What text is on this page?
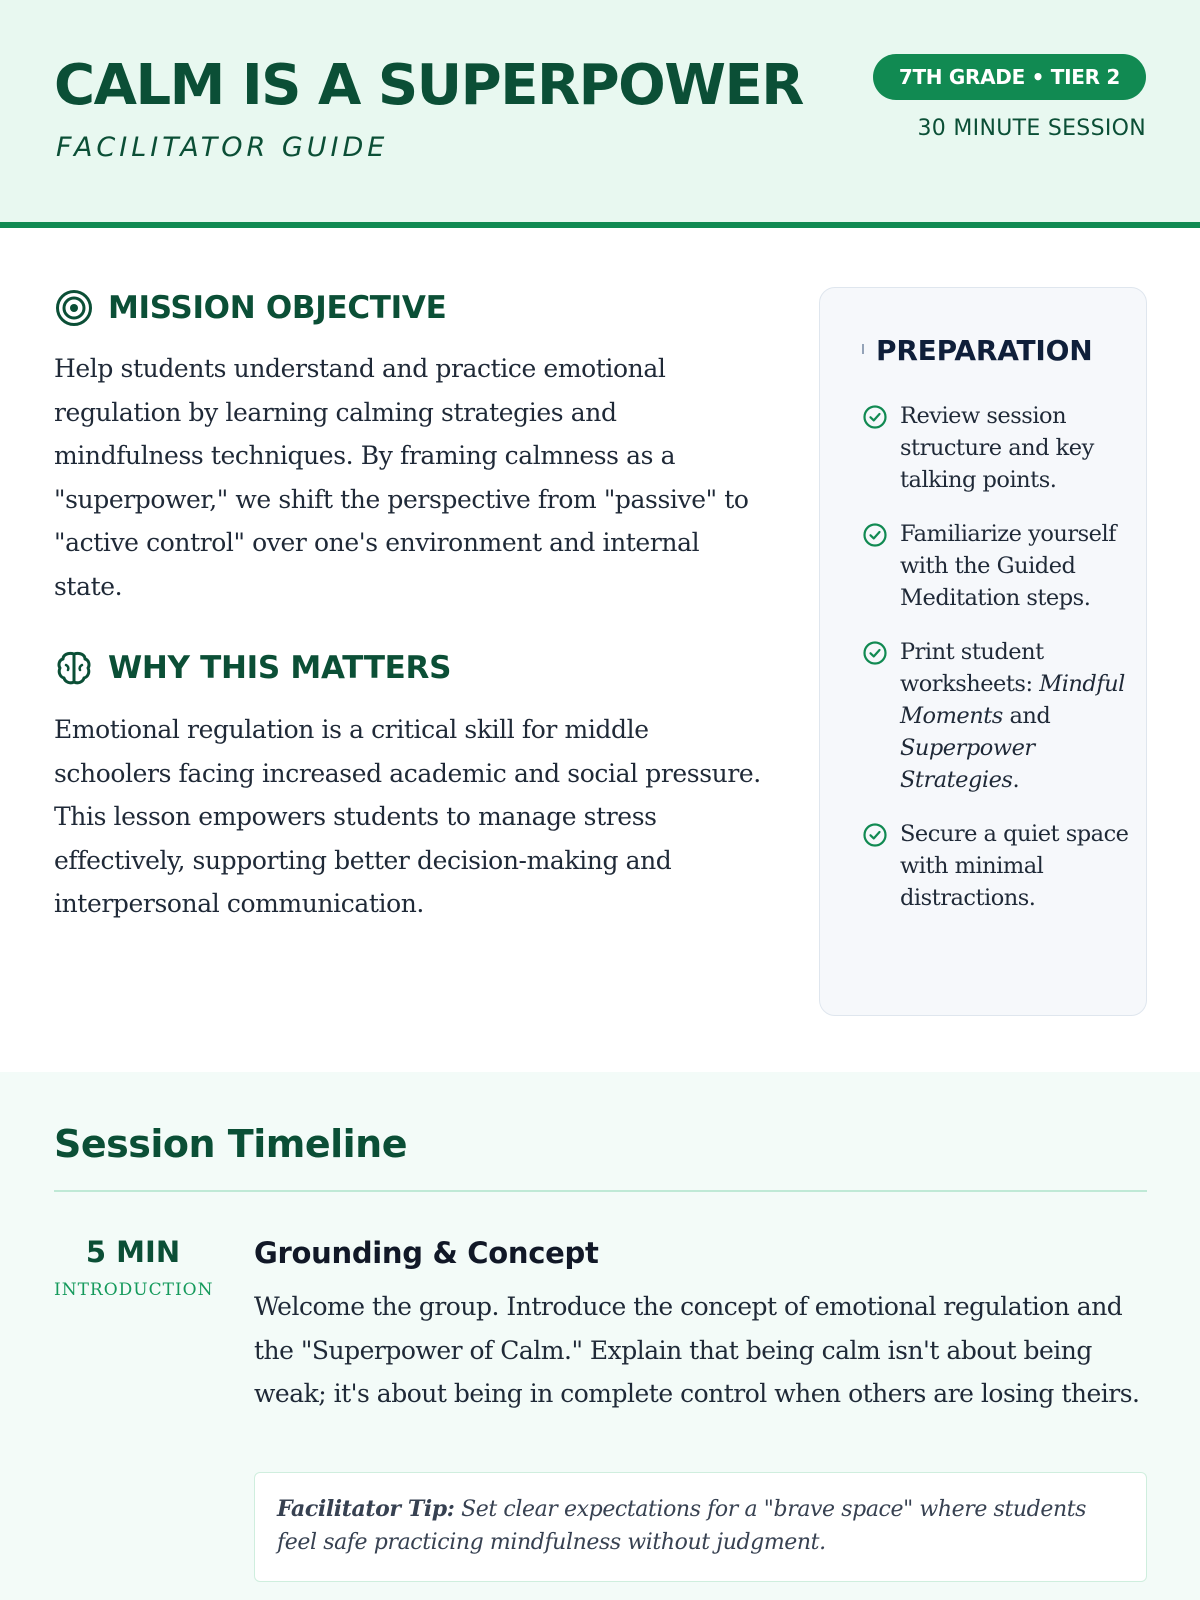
CALM IS A SUPERPOWER
FACILITATOR GUIDE
7TH GRADE • TIER 2
30 MINUTE SESSION
MISSION OBJECTIVE
Help students understand and practice emotional regulation by learning calming strategies and mindfulness techniques. By framing calmness as a "superpower," we shift the perspective from "passive" to "active control" over one's environment and internal state.
WHY THIS MATTERS
Emotional regulation is a critical skill for middle schoolers facing increased academic and social pressure. This lesson empowers students to manage stress effectively, supporting better decision-making and interpersonal communication.
PREPARATION
Review session structure and key talking points.
Familiarize yourself with the Guided Meditation steps.
Print student worksheets: Mindful Moments and Superpower Strategies.
Secure a quiet space with minimal distractions.
Session Timeline
5 MIN
INTRODUCTION
Grounding & Concept
Welcome the group. Introduce the concept of emotional regulation and the "Superpower of Calm." Explain that being calm isn't about being weak; it's about being in complete control when others are losing theirs.
Facilitator Tip: Set clear expectations for a "brave space" where students feel safe practicing mindfulness without judgment.
